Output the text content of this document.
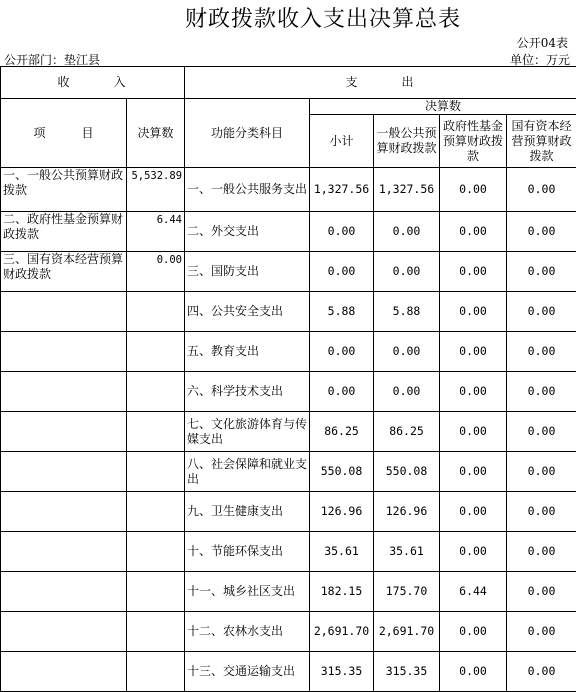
财政拨款收入支出决算总表
公开04表
公开部门：垫江县	单位：万元
收　　　入		支　　　出				
项　　　目	决算数	功能分类科目	决算数			
			小计	一般公共预算财政拨款	政府性基金预算财政拨款	国有资本经营预算财政拨款
一、一般公共预算财政拨款	5,532.89	一、一般公共服务支出	1,327.56	1,327.56	0.00	0.00
二、政府性基金预算财政拨款	6.44	二、外交支出	0.00	0.00	0.00	0.00
三、国有资本经营预算财政拨款	0.00	三、国防支出	0.00	0.00	0.00	0.00
		四、公共安全支出	5.88	5.88	0.00	0.00
		五、教育支出	0.00	0.00	0.00	0.00
		六、科学技术支出	0.00	0.00	0.00	0.00
		七、文化旅游体育与传媒支出	86.25	86.25	0.00	0.00
		八、社会保障和就业支出	550.08	550.08	0.00	0.00
		九、卫生健康支出	126.96	126.96	0.00	0.00
		十、节能环保支出	35.61	35.61	0.00	0.00
		十一、城乡社区支出	182.15	175.70	6.44	0.00
		十二、农林水支出	2,691.70	2,691.70	0.00	0.00
		十三、交通运输支出	315.35	315.35	0.00	0.00
